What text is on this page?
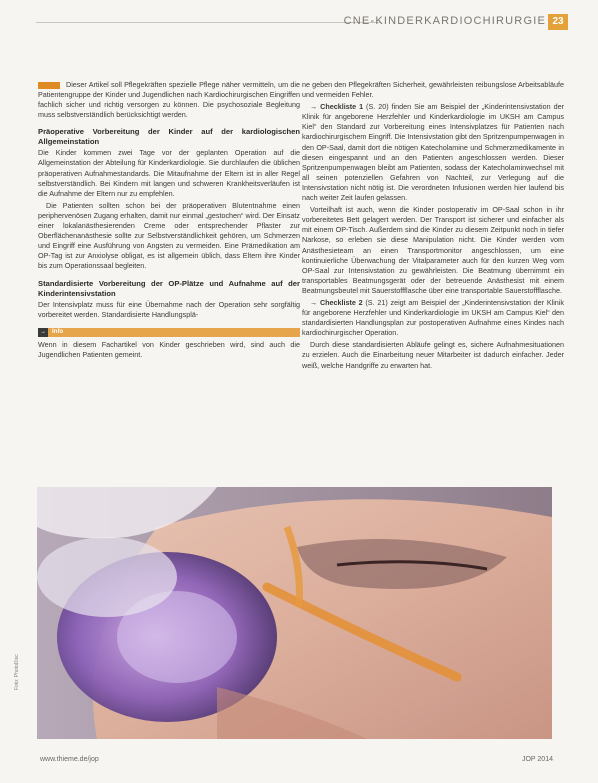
CNE-KINDERKARDIOCHIRURGIE 23

Dieser Artikel soll Pflegekräften spezielle Pflege näher vermitteln, um die Patientengruppe der Kinder und Jugendlichen nach Kardiochirurgischen Eingriffen fachlich sicher und richtig versorgen zu können. Die psychosoziale Begleitung muss selbstverständlich berücksichtigt werden.

Präoperative Vorbereitung der Kinder auf der kardiologischen Allgemeinstation

Die Kinder kommen zwei Tage vor der geplanten Operation auf die Allgemeinstation der Abteilung für Kinderkardiologie. Sie durchlaufen die üblichen präoperativen Aufnahmestandards. Die Mitaufnahme der Eltern ist in aller Regel selbstverständlich. Bei Kindern mit langen und schweren Krankheitsverläufen ist die Aufnahme der Eltern nur zu empfehlen.

Die Patienten sollten schon bei der präoperativen Blutentnahme einen periphervenösen Zugang erhalten, damit nur einmal „gestochen“ wird. Der Einsatz einer lokalanästhesierenden Creme oder entsprechender Pflaster zur Oberflächenanästhesie sollte zur Selbstverständlichkeit gehören, um Schmerzen und Eingriff eine Ausführung von Angsten zu vermeiden. Eine Prämedikation am OP-Tag ist zur Anxiolyse obligat, es ist allgemein üblich, dass Eltern ihre Kinder bis zum Operationssaal begleiten.

Standardisierte Vorbereitung der OP-Plätze und Aufnahme auf der Kinderintensivstation

Der Intensivplatz muss für eine Übernahme nach der Operation sehr sorgfältig vorbereitet werden. Standardisierte Handlungsplä-

→	Info
Wenn in diesem Fachartikel von Kinder geschrieben wird, sind auch die Jugendlichen Patienten gemeint.

ne geben den Pflegekräften Sicherheit, gewährleisten reibungslose Arbeitsabläufe und vermeiden Fehler.

→ Checkliste 1 (S. 20) finden Sie am Beispiel der „Kinderintensivstation der Klinik für angeborene Herzfehler und Kinderkardiologie im UKSH am Campus Kiel“ den Standard zur Vorbereitung eines Intensivplatzes für Patienten nach kardiochirurgischem Eingriff. Die Intensivstation gibt den Spritzenpumpenwagen in den OP-Saal, damit dort die nötigen Katecholamine und Schmerzmedikamente in diesen eingespannt und an den Patienten angeschlossen werden. Dieser Spritzenpumpenwagen bleibt am Patienten, sodass der Katecholaminwechsel mit all seinen potenziellen Gefahren von Nachteil, zur Verlegung auf die Intensivstation nicht nötig ist. Die verordneten Infusionen werden hier laufend bis nach weiter Zeit laufen gelassen.

Vorteilhaft ist auch, wenn die Kinder postoperativ im OP-Saal schon in ihr vorbereitetes Bett gelagert werden. Der Transport ist sicherer und einfacher als mit einem OP-Tisch. Außerdem sind die Kinder zu diesem Zeitpunkt noch in tiefer Narkose, so erleben sie diese Manipulation nicht. Die Kinder werden vom Anästhesieteam an einen Transportmonitor angeschlossen, um eine kontinuierliche Überwachung der Vitalparameter auch für den kurzen Weg vom OP-Saal zur Intensivstation zu gewährleisten. Die Beatmung übernimmt ein transportables Beatmungsgerät oder der betreuende Anästhesist mit einem Beatmungsbeutel mit Sauerstoffflasche über eine transportable Sauerstoffflasche.

→ Checkliste 2 (S. 21) zeigt am Beispiel der „Kinderintensivstation der Klinik für angeborene Herzfehler und Kinderkardiologie im UKSH am Campus Kiel“ den standardisierten Handlungsplan zur postoperativen Aufnahme eines Kindes nach kardiochirurgischer Operation.

Durch diese standardisierten Abläufe gelingt es, sichere Aufnahmesituationen zu erzielen. Auch die Einarbeitung neuer Mitarbeiter ist dadurch einfacher. Jeder weiß, welche Handgriffe zu erwarten hat.

Foto: PhotoDisc
www.thieme.de/jop	JOP 2014
